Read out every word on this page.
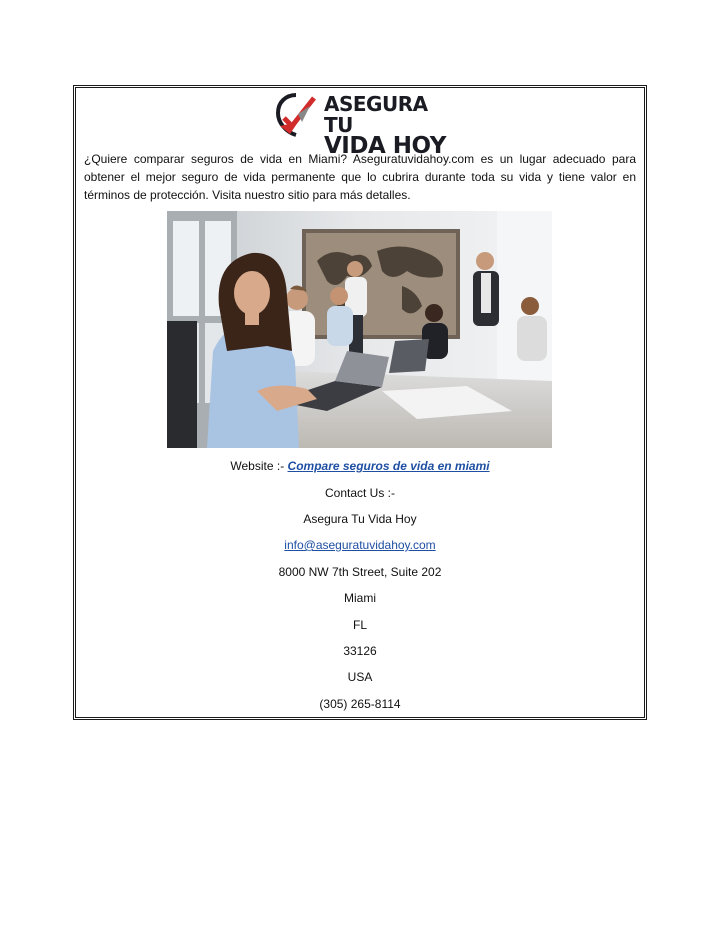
ASEGURA TU
VIDA HOY

¿Quiere comparar seguros de vida en Miami? Aseguratuvidahoy.com es un lugar adecuado para obtener el mejor seguro de vida permanente que lo cubrira durante toda su vida y tiene valor en términos de protección. Visita nuestro sitio para más detalles.

Website :- Compare seguros de vida en miami
Contact Us :-
Asegura Tu Vida Hoy
info@aseguratuvidahoy.com
8000 NW 7th Street, Suite 202
Miami
FL
33126
USA
(305) 265-8114
